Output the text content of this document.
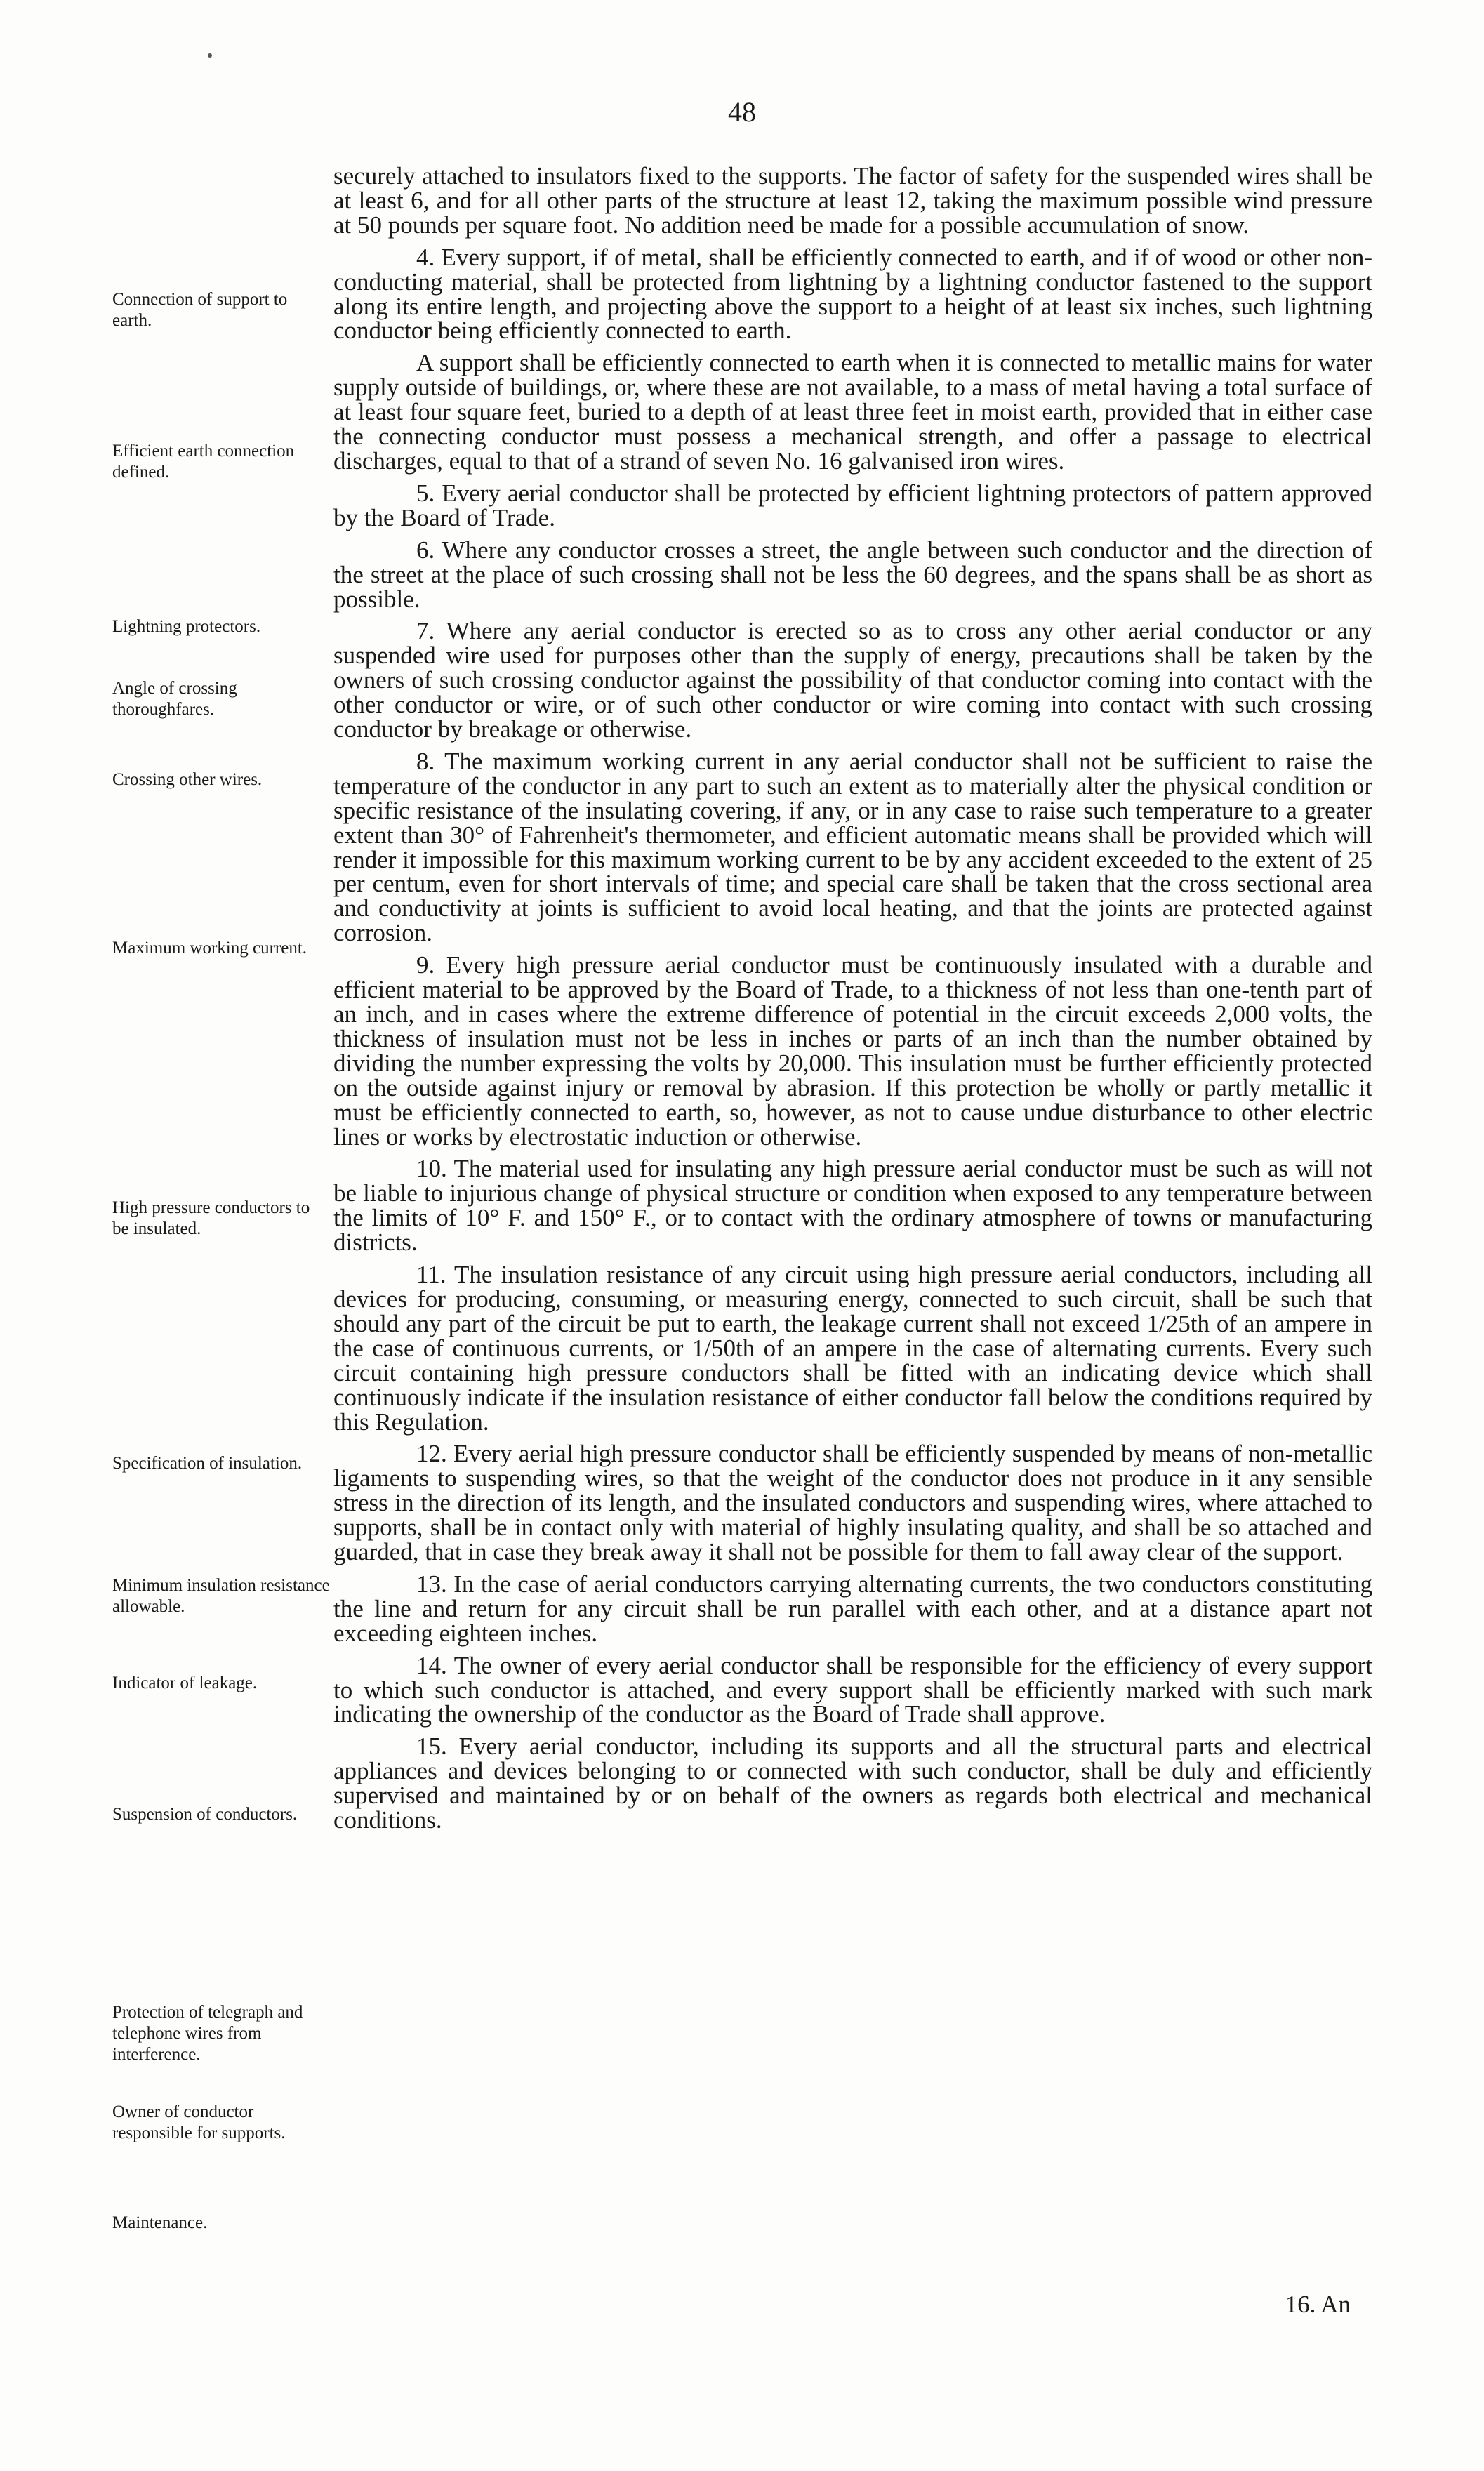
48
Connection of support to earth.
Efficient earth connection defined.
Lightning protectors.
Angle of crossing thoroughfares.
Crossing other wires.
Maximum working current.
High pressure conductors to be insulated.
Specification of insulation.
Minimum insulation resistance allowable.
Indicator of leakage.
Suspension of conductors.
Protection of telegraph and telephone wires from interference.
Owner of conductor responsible for supports.
Maintenance.

securely attached to insulators fixed to the supports. The factor of safety for the suspended wires shall be at least 6, and for all other parts of the structure at least 12, taking the maximum possible wind pressure at 50 pounds per square foot. No addition need be made for a possible accumulation of snow.

4. Every support, if of metal, shall be efficiently connected to earth, and if of wood or other non-conducting material, shall be protected from lightning by a lightning conductor fastened to the support along its entire length, and projecting above the support to a height of at least six inches, such lightning conductor being efficiently connected to earth.

A support shall be efficiently connected to earth when it is connected to metallic mains for water supply outside of buildings, or, where these are not available, to a mass of metal having a total surface of at least four square feet, buried to a depth of at least three feet in moist earth, provided that in either case the connecting conductor must possess a mechanical strength, and offer a passage to electrical discharges, equal to that of a strand of seven No. 16 galvanised iron wires.

5. Every aerial conductor shall be protected by efficient lightning protectors of pattern approved by the Board of Trade.

6. Where any conductor crosses a street, the angle between such conductor and the direction of the street at the place of such crossing shall not be less the 60 degrees, and the spans shall be as short as possible.

7. Where any aerial conductor is erected so as to cross any other aerial conductor or any suspended wire used for purposes other than the supply of energy, precautions shall be taken by the owners of such crossing conductor against the possibility of that conductor coming into contact with the other conductor or wire, or of such other conductor or wire coming into contact with such crossing conductor by breakage or otherwise.

8. The maximum working current in any aerial conductor shall not be sufficient to raise the temperature of the conductor in any part to such an extent as to materially alter the physical condition or specific resistance of the insulating covering, if any, or in any case to raise such temperature to a greater extent than 30° of Fahrenheit's thermometer, and efficient automatic means shall be provided which will render it impossible for this maximum working current to be by any accident exceeded to the extent of 25 per centum, even for short intervals of time; and special care shall be taken that the cross sectional area and conductivity at joints is sufficient to avoid local heating, and that the joints are protected against corrosion.

9. Every high pressure aerial conductor must be continuously insulated with a durable and efficient material to be approved by the Board of Trade, to a thickness of not less than one-tenth part of an inch, and in cases where the extreme difference of potential in the circuit exceeds 2,000 volts, the thickness of insulation must not be less in inches or parts of an inch than the number obtained by dividing the number expressing the volts by 20,000. This insulation must be further efficiently protected on the outside against injury or removal by abrasion. If this protection be wholly or partly metallic it must be efficiently connected to earth, so, however, as not to cause undue disturbance to other electric lines or works by electrostatic induction or otherwise.

10. The material used for insulating any high pressure aerial conductor must be such as will not be liable to injurious change of physical structure or condition when exposed to any temperature between the limits of 10° F. and 150° F., or to contact with the ordinary atmosphere of towns or manufacturing districts.

11. The insulation resistance of any circuit using high pressure aerial conductors, including all devices for producing, consuming, or measuring energy, connected to such circuit, shall be such that should any part of the circuit be put to earth, the leakage current shall not exceed 1/25th of an ampere in the case of continuous currents, or 1/50th of an ampere in the case of alternating currents. Every such circuit containing high pressure conductors shall be fitted with an indicating device which shall continuously indicate if the insulation resistance of either conductor fall below the conditions required by this Regulation.

12. Every aerial high pressure conductor shall be efficiently suspended by means of non-metallic ligaments to suspending wires, so that the weight of the conductor does not produce in it any sensible stress in the direction of its length, and the insulated conductors and suspending wires, where attached to supports, shall be in contact only with material of highly insulating quality, and shall be so attached and guarded, that in case they break away it shall not be possible for them to fall away clear of the support.

13. In the case of aerial conductors carrying alternating currents, the two conductors constituting the line and return for any circuit shall be run parallel with each other, and at a distance apart not exceeding eighteen inches.

14. The owner of every aerial conductor shall be responsible for the efficiency of every support to which such conductor is attached, and every support shall be efficiently marked with such mark indicating the ownership of the conductor as the Board of Trade shall approve.

15. Every aerial conductor, including its supports and all the structural parts and electrical appliances and devices belonging to or connected with such conductor, shall be duly and efficiently supervised and maintained by or on behalf of the owners as regards both electrical and mechanical conditions.

16. An
